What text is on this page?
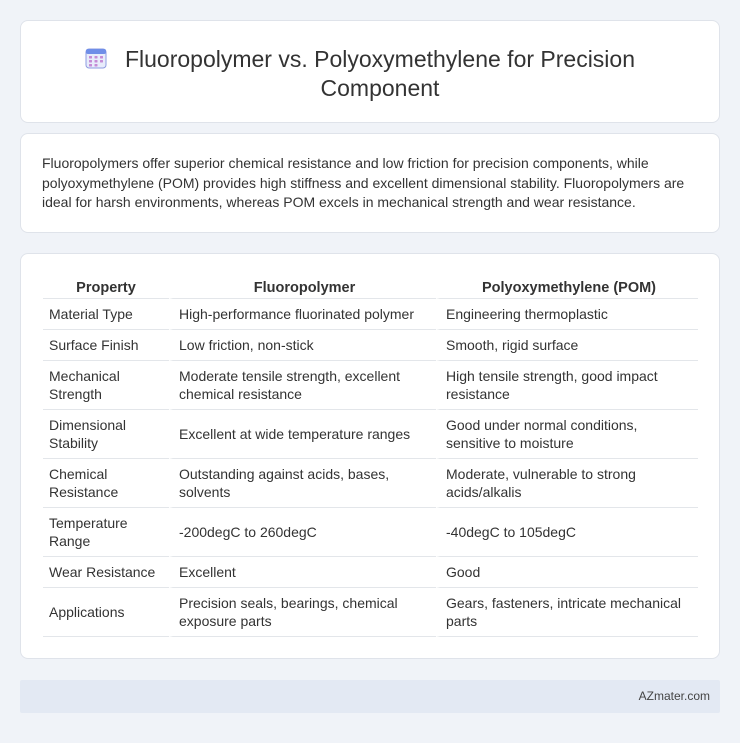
Fluoropolymer vs. Polyoxymethylene for Precision Component

Fluoropolymers offer superior chemical resistance and low friction for precision components, while polyoxymethylene (POM) provides high stiffness and excellent dimensional stability. Fluoropolymers are ideal for harsh environments, whereas POM excels in mechanical strength and wear resistance.

Property	Fluoropolymer	Polyoxymethylene (POM)
Material Type	High-performance fluorinated polymer	Engineering thermoplastic
Surface Finish	Low friction, non-stick	Smooth, rigid surface
Mechanical Strength	Moderate tensile strength, excellent chemical resistance	High tensile strength, good impact resistance
Dimensional Stability	Excellent at wide temperature ranges	Good under normal conditions, sensitive to moisture
Chemical Resistance	Outstanding against acids, bases, solvents	Moderate, vulnerable to strong acids/alkalis
Temperature Range	-200degC to 260degC	-40degC to 105degC
Wear Resistance	Excellent	Good
Applications	Precision seals, bearings, chemical exposure parts	Gears, fasteners, intricate mechanical parts
AZmater.com
